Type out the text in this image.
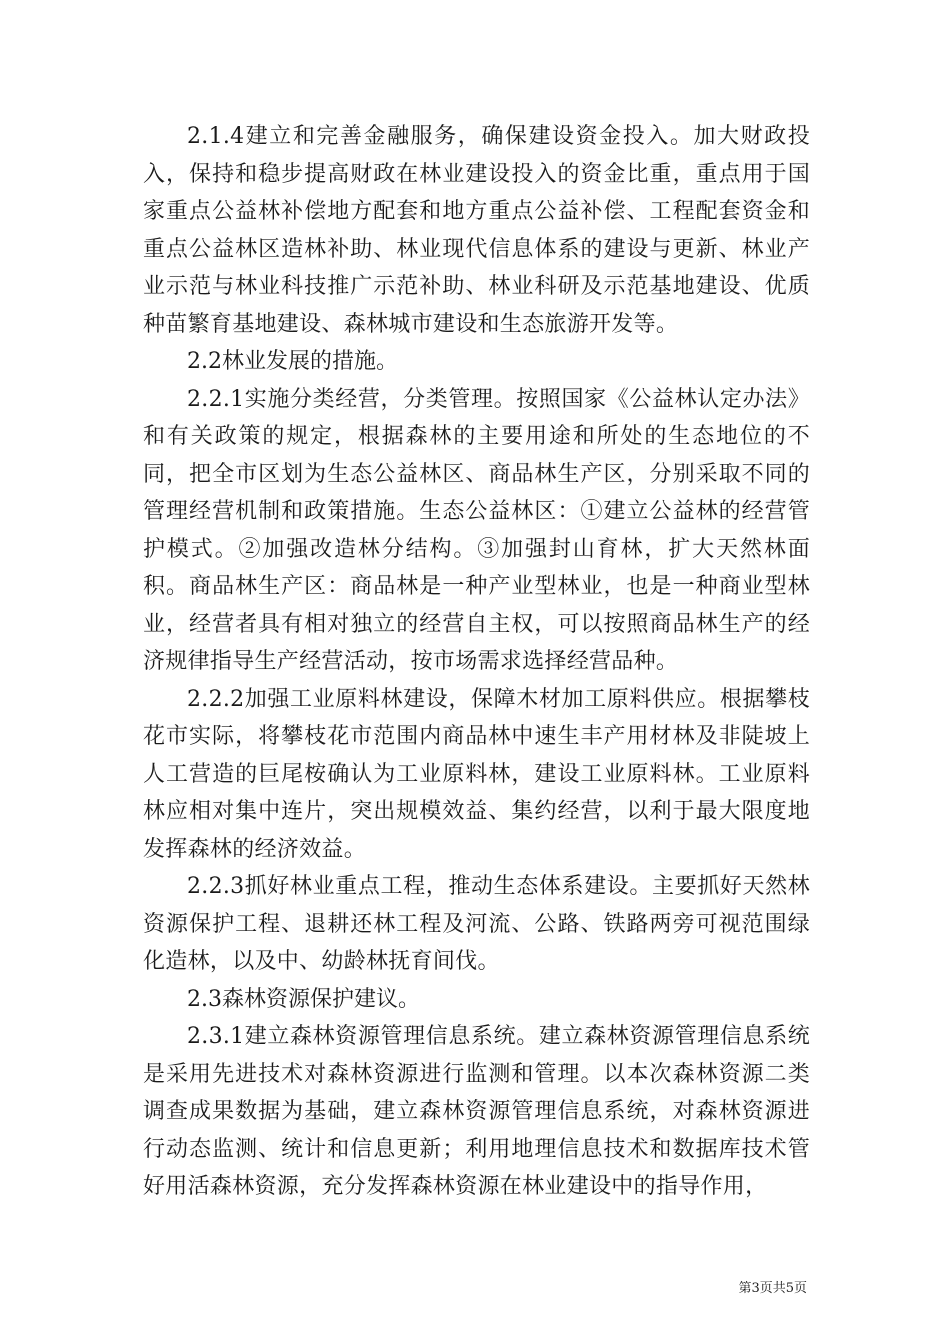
2.1.4建立和完善金融服务，确保建设资金投入。加大财政投入，保持和稳步提高财政在林业建设投入的资金比重，重点用于国家重点公益林补偿地方配套和地方重点公益补偿、工程配套资金和重点公益林区造林补助、林业现代信息体系的建设与更新、林业产业示范与林业科技推广示范补助、林业科研及示范基地建设、优质种苗繁育基地建设、森林城市建设和生态旅游开发等。

2.2林业发展的措施。

2.2.1实施分类经营，分类管理。按照国家《公益林认定办法》和有关政策的规定，根据森林的主要用途和所处的生态地位的不同，把全市区划为生态公益林区、商品林生产区，分别采取不同的管理经营机制和政策措施。生态公益林区：①建立公益林的经营管护模式。②加强改造林分结构。③加强封山育林，扩大天然林面积。商品林生产区：商品林是一种产业型林业，也是一种商业型林业，经营者具有相对独立的经营自主权，可以按照商品林生产的经济规律指导生产经营活动，按市场需求选择经营品种。

2.2.2加强工业原料林建设，保障木材加工原料供应。根据攀枝花市实际，将攀枝花市范围内商品林中速生丰产用材林及非陡坡上人工营造的巨尾桉确认为工业原料林，建设工业原料林。工业原料林应相对集中连片，突出规模效益、集约经营，以利于最大限度地发挥森林的经济效益。

2.2.3抓好林业重点工程，推动生态体系建设。主要抓好天然林资源保护工程、退耕还林工程及河流、公路、铁路两旁可视范围绿化造林，以及中、幼龄林抚育间伐。

2.3森林资源保护建议。

2.3.1建立森林资源管理信息系统。建立森林资源管理信息系统是采用先进技术对森林资源进行监测和管理。以本次森林资源二类调查成果数据为基础，建立森林资源管理信息系统，对森林资源进行动态监测、统计和信息更新；利用地理信息技术和数据库技术管好用活森林资源，充分发挥森林资源在林业建设中的指导作用，

第3页共5页
